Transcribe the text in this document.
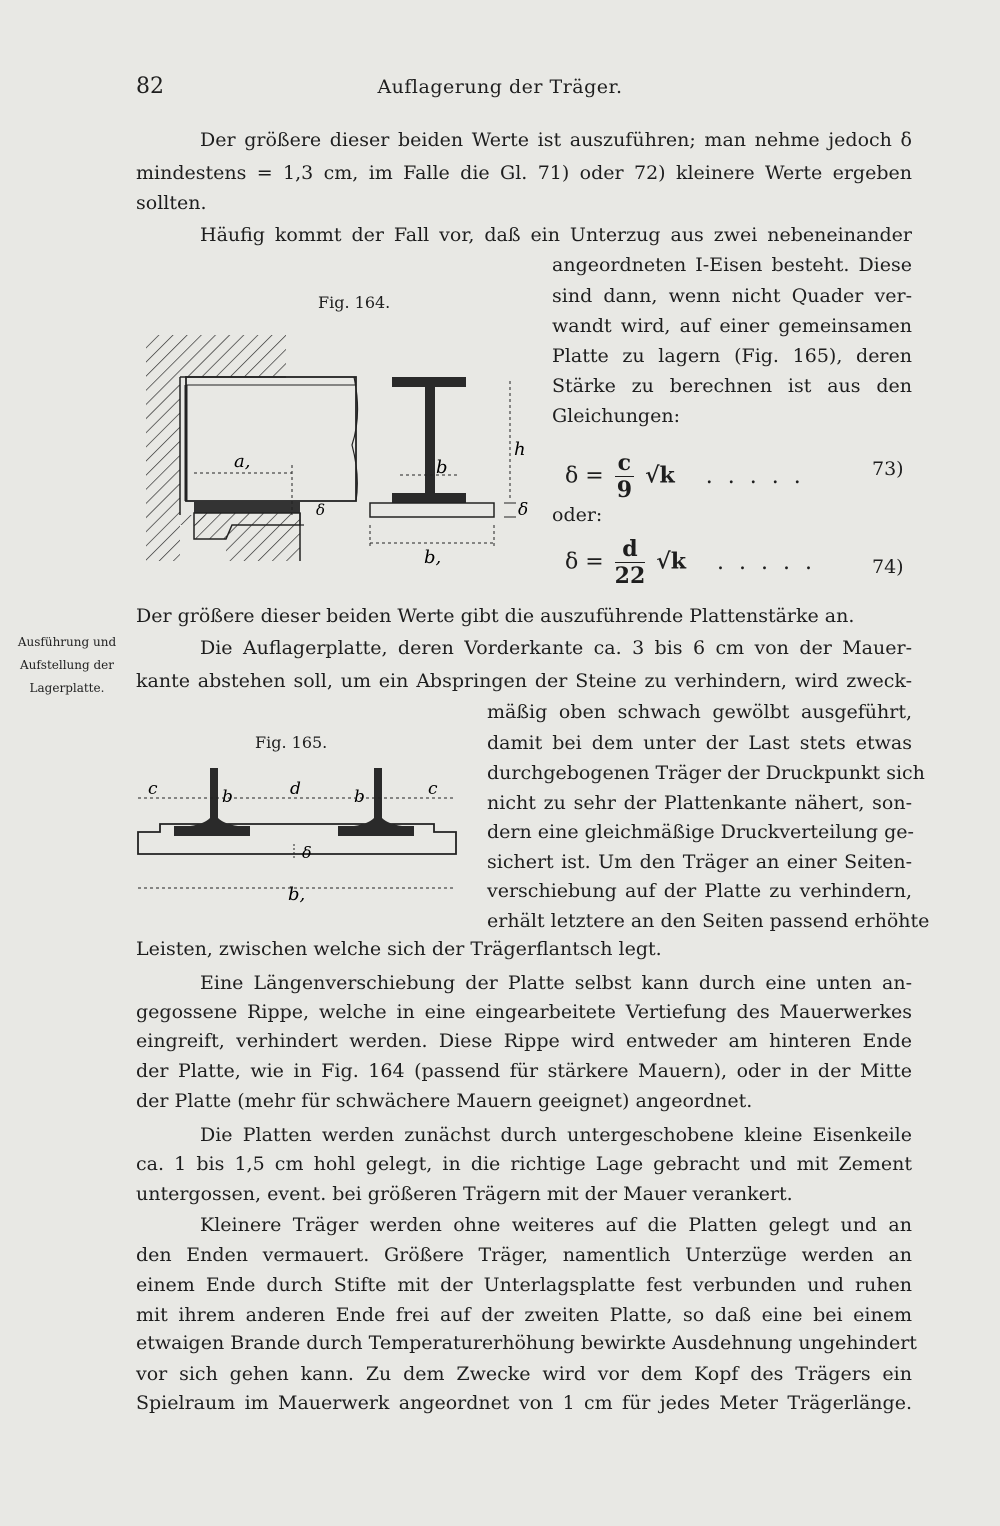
82	Auflagerung der Träger.
Der größere dieser beiden Werte ist auszuführen; man nehme jedoch δ
mindestens = 1,3 cm, im Falle die Gl. 71) oder 72) kleinere Werte ergeben
sollten.
Häufig kommt der Fall vor, daß ein Unterzug aus zwei nebeneinander
angeordneten I-Eisen besteht. Diese
sind dann, wenn nicht Quader ver-
wandt wird, auf einer gemeinsamen
Platte zu lagern (Fig. 165), deren
Stärke zu berechnen ist aus den
Gleichungen:
Fig. 164.
a,
δ
b
h
δ
b,
$\delta = \frac{c}{9} √k$ . . . . .	73)
oder:
$\delta = \frac{d}{22} √k$ . . . . .	74)
Der größere dieser beiden Werte gibt die auszuführende Plattenstärke an.
Ausführung und
Aufstellung der
Lagerplatte.
Die Auflagerplatte, deren Vorderkante ca. 3 bis 6 cm von der Mauer-
kante abstehen soll, um ein Abspringen der Steine zu verhindern, wird zweck-
mäßig oben schwach gewölbt ausgeführt,
damit bei dem unter der Last stets etwas
durchgebogenen Träger der Druckpunkt sich
nicht zu sehr der Plattenkante nähert, son-
dern eine gleichmäßige Druckverteilung ge-
sichert ist. Um den Träger an einer Seiten-
verschiebung auf der Platte zu verhindern,
erhält letztere an den Seiten passend erhöhte
Leisten, zwischen welche sich der Trägerflantsch legt.
Fig. 165.
c	b	d	b	c
δ
b,
Eine Längenverschiebung der Platte selbst kann durch eine unten an-
gegossene Rippe, welche in eine eingearbeitete Vertiefung des Mauerwerkes
eingreift, verhindert werden. Diese Rippe wird entweder am hinteren Ende
der Platte, wie in Fig. 164 (passend für stärkere Mauern), oder in der Mitte
der Platte (mehr für schwächere Mauern geeignet) angeordnet.
Die Platten werden zunächst durch untergeschobene kleine Eisenkeile
ca. 1 bis 1,5 cm hohl gelegt, in die richtige Lage gebracht und mit Zement
untergossen, event. bei größeren Trägern mit der Mauer verankert.
Kleinere Träger werden ohne weiteres auf die Platten gelegt und an
den Enden vermauert. Größere Träger, namentlich Unterzüge werden an
einem Ende durch Stifte mit der Unterlagsplatte fest verbunden und ruhen
mit ihrem anderen Ende frei auf der zweiten Platte, so daß eine bei einem
etwaigen Brande durch Temperaturerhöhung bewirkte Ausdehnung ungehindert
vor sich gehen kann. Zu dem Zwecke wird vor dem Kopf des Trägers ein
Spielraum im Mauerwerk angeordnet von 1 cm für jedes Meter Trägerlänge.
